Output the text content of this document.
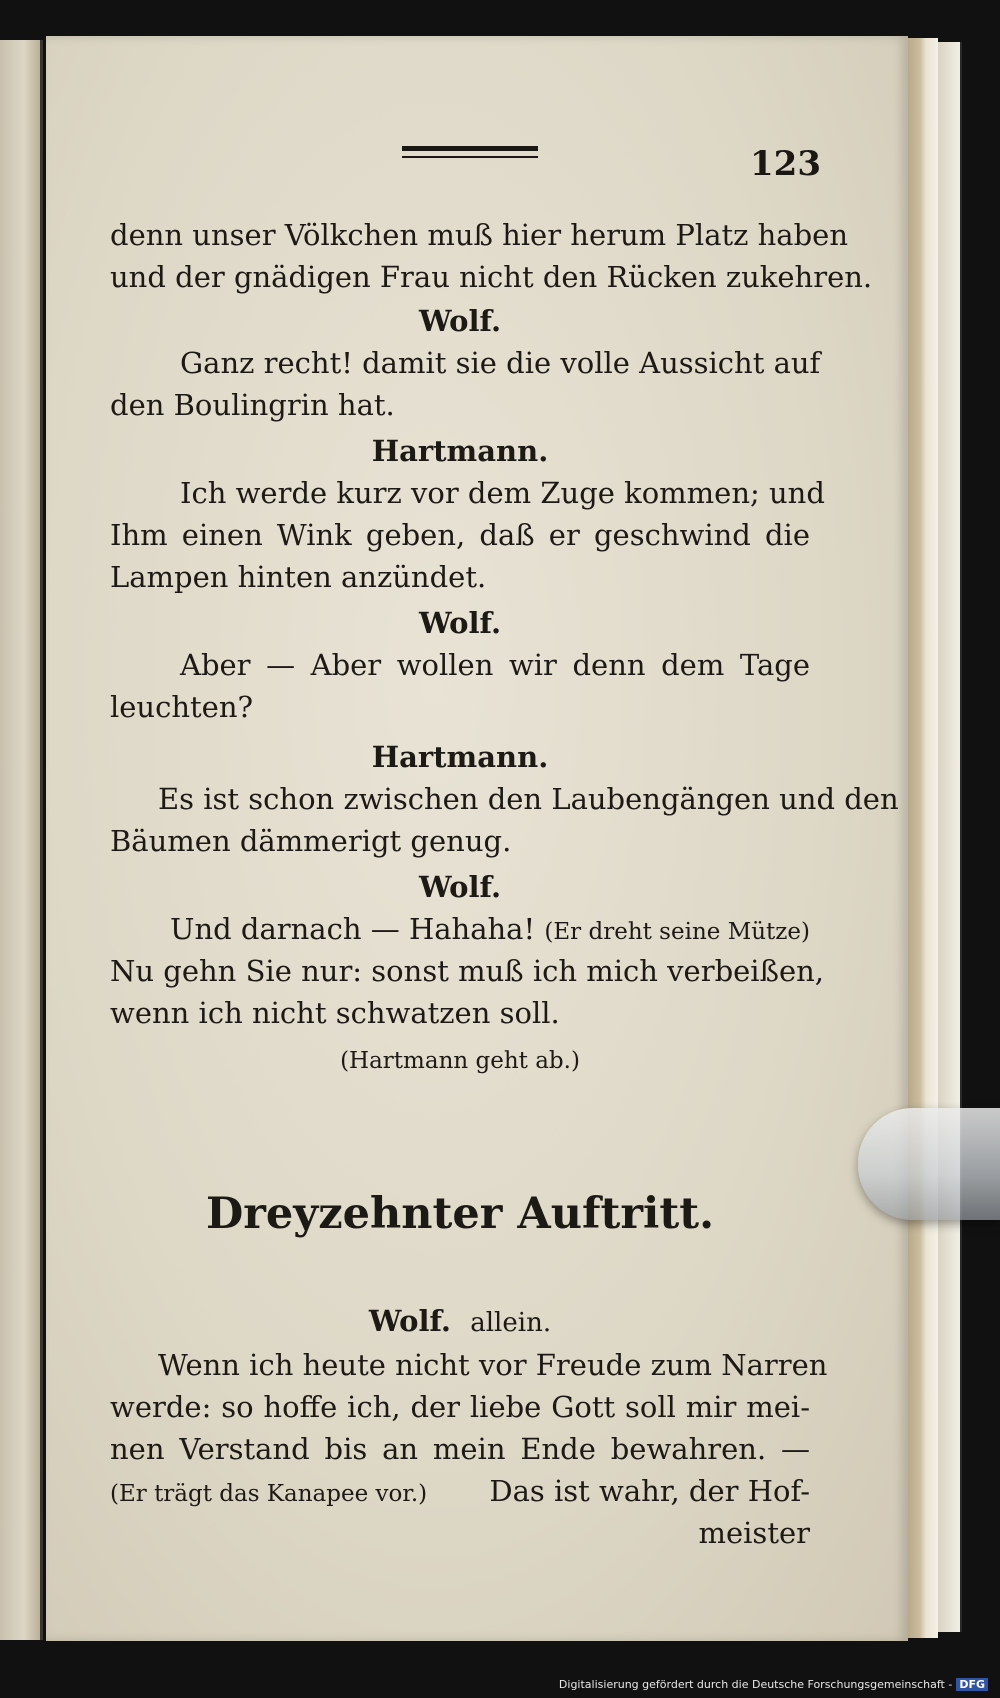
123
denn unser Völkchen muß hier herum Platz haben
und der gnädigen Frau nicht den Rücken zukehren.
Wolf.
Ganz recht! damit sie die volle Aussicht auf
den Boulingrin hat.
Hartmann.
Ich werde kurz vor dem Zuge kommen; und
Ihm einen Wink geben, daß er geschwind die
Lampen hinten anzündet.
Wolf.
Aber — Aber wollen wir denn dem Tage
leuchten?
Hartmann.
Es ist schon zwischen den Laubengängen und den
Bäumen dämmerigt genug.
Wolf.
Und darnach — Hahaha! (Er dreht seine Mütze)
Nu gehn Sie nur: sonst muß ich mich verbeißen,
wenn ich nicht schwatzen soll.
(Hartmann geht ab.)
Dreyzehnter Auftritt.
Wolf. allein.
Wenn ich heute nicht vor Freude zum Narren
werde: so hoffe ich, der liebe Gott soll mir mei-
nen Verstand bis an mein Ende bewahren. —
(Er trägt das Kanapee vor.) Das ist wahr, der Hof-
meister
Digitalisierung gefördert durch die Deutsche Forschungsgemeinschaft - DFG
